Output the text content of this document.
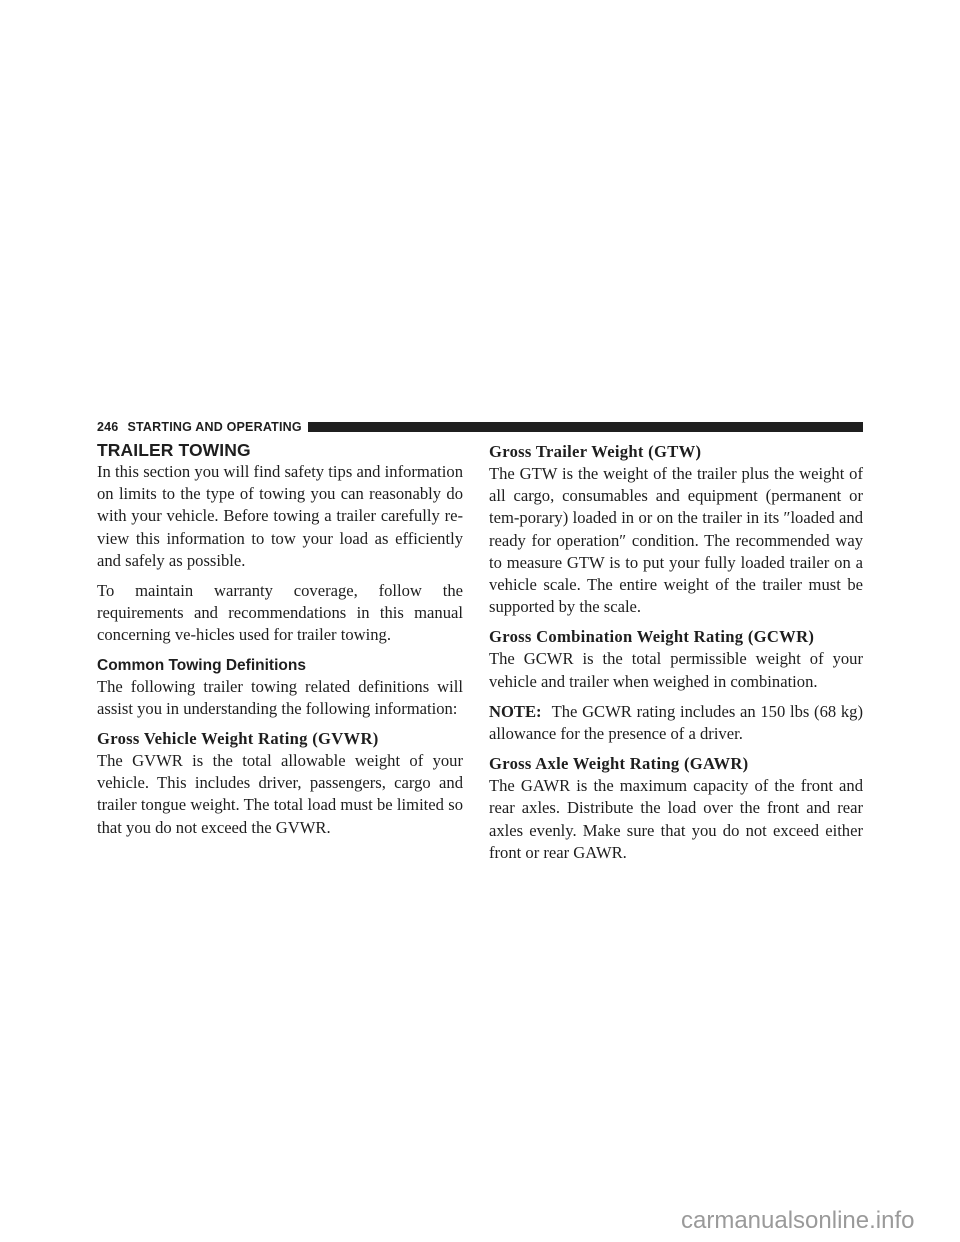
246 STARTING AND OPERATING
TRAILER TOWING

In this section you will find safety tips and information on limits to the type of towing you can reasonably do with your vehicle. Before towing a trailer carefully re-view this information to tow your load as efficiently and safely as possible.

To maintain warranty coverage, follow the requirements and recommendations in this manual concerning ve-hicles used for trailer towing.

Common Towing Definitions

The following trailer towing related definitions will assist you in understanding the following information:

Gross Vehicle Weight Rating (GVWR)

The GVWR is the total allowable weight of your vehicle. This includes driver, passengers, cargo and trailer tongue weight. The total load must be limited so that you do not exceed the GVWR.

Gross Trailer Weight (GTW)

The GTW is the weight of the trailer plus the weight of all cargo, consumables and equipment (permanent or tem-porary) loaded in or on the trailer in its ″loaded and ready for operation″ condition. The recommended way to measure GTW is to put your fully loaded trailer on a vehicle scale. The entire weight of the trailer must be supported by the scale.

Gross Combination Weight Rating (GCWR)

The GCWR is the total permissible weight of your vehicle and trailer when weighed in combination.

NOTE: The GCWR rating includes an 150 lbs (68 kg) allowance for the presence of a driver.

Gross Axle Weight Rating (GAWR)

The GAWR is the maximum capacity of the front and rear axles. Distribute the load over the front and rear axles evenly. Make sure that you do not exceed either front or rear GAWR.

carmanualsonline.info
